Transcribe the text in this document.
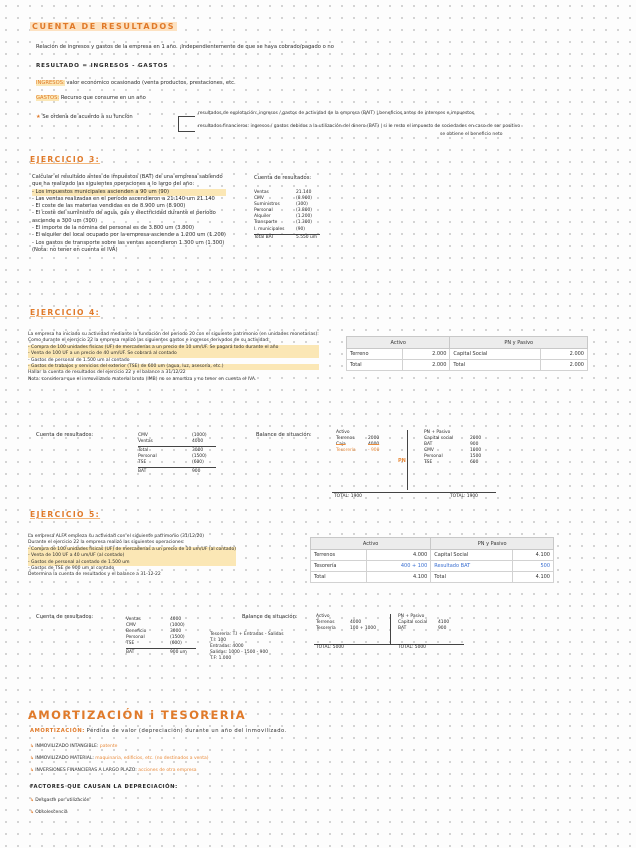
CUENTA DE RESULTADOS
Relación de ingresos y gastos de la empresa en 1 año. ¡Independientemente de que se haya cobrado/pagado o no
RESULTADO = INGRESOS - GASTOS
INGRESOS: valor económico ocasionado (venta productos, prestaciones, etc.
GASTOS: Recurso que consume en un año
★ Se ordena de acuerdo a su función
resultados de explotación: ingresos / gastos de actividad de la empresa (BAIT) | beneficios antes de intereses e impuestos
resultados financieros: ingresos / gastos debidos a la utilización del dinero (BAT) | si le resto el impuesto de sociedades en caso de ser positivo
se obtiene el beneficio neto
EJERCICIO 3:
Calcular el resultado antes de impuestos (BAT) de una empresa sabiendo
que ha realizado las siguientes operaciones a lo largo del año:
- Los impuestos municipales ascienden a 90 um (90)
- Las ventas realizadas en el período ascendieron a 21.140 um 21.140
- El coste de las materias vendidas es de 8.900 um (8.900)
- El coste del suministro de agua, gas y electricidad durante el período
asciende a 300 um (300)
- El importe de la nómina del personal es de 3.800 um (3.800)
- El alquiler del local ocupado por la empresa asciende a 1.200 um (1.200)
- Los gastos de transporte sobre las ventas ascendieron 1.300 um (1.300)
(Nota: no tener en cuenta el IVA)
Cuenta de resultados:
Ventas	21.140
CMV	(8.900)
Suministros	(300)
Personal	(3.800)
Alquiler	(1.200)
Transporte	(1.300)
I. municipales	(90)
Total BAT	5.550 um
EJERCICIO 4:
La empresa ha iniciado su actividad mediante la fundación del periodo 20 con el siguiente patrimonio (en unidades monetarias):
Como durante el ejercicio 22 la empresa realizó las siguientes gastos e ingresos derivados de su actividad:
- Compra de 100 unidades físicas (UF) de mercaderías a un precio de 10 um/UF. Se pagará todo durante el año
- Venta de 100 UF a un precio de 40 um/UF. Se cobrará al contado
- Gastos de personal de 1.500 um al contado
- Gastos de trabajos y servicios del exterior (TSE) de 600 um (agua, luz, asesoría, etc.)
Hallar la cuenta de resultados del ejercicio 22 y el balance a 31/12/22
Nota: considerar que el inmovilizado material bruto (IMB) no se amortiza y no tener en cuenta el IVA.
Activo		PN y Pasivo	
Terreno	2.000	Capital Social	2.000
Total	2.000	Total	2.000
Cuenta de resultados:	CMV	(1000)
Ventas	4000
Total	3000
Personal	(1500)
TSE	(600)
BAT	900
Balance de situación:	Activo
Terrenos	2000
Caja	4000
Tesorería	- 900
PN
PN + Pasivo
Capital social	2000
BAT	900
CMV	1000
Personal	1500
TSE	600
TOTAL: 1900	TOTAL: 1900
EJERCICIO 5:
La empresa ALFA empieza su actividad con el siguiente patrimonio (31/12/20)
Durante el ejercicio 22 la empresa realizó las siguientes operaciones:
- Compra de 100 unidades físicas (UF) de mercaderías a un precio de 10 um/UF (al contado)
- Venta de 100 UF a 40 um/UF (al contado)
- Gastos de personal al contado de 1.500 um
- Gastos de TSE de 900 um al contado
Determina la cuenta de resultados y el balance a 31-12-22
Activo		PN y Pasivo	
Terrenos	4.000	Capital Social	4.100
Tesorería	400 + 100	Resultado BAT	500
Total	4.100	Total	4.100
Cuenta de resultados:	Ventas	4000
CMV	(1000)
Beneficio	3000
Personal	(1500)
TSE	(600)
BAT	900 um
Balance de situación:
Tesorería: T.I + Entradas - Salidas
T.I: 100
Entradas: 4000
Salidas: 1000 - 1500 - 900
T.F: 1.000
Activo
Terrenos	4000
Tesorería	100 + 1000
PN + Pasivo
Capital social	4100
BAT	900
TOTAL: 5000	TOTAL: 5000
AMORTIZACIÓN i TESORERIA
AMORTIZACIÓN: Pérdida de valor (depreciación) durante un año del inmovilizado.
↳ INMOVILIZADO INTANGIBLE: patente
↳ INMOVILIZADO MATERIAL: maquinaria, edificios, etc. (no destinados a venta)
↳ INVERSIONES FINANCIERAS A LARGO PLAZO: acciones de otra empresa
FACTORES QUE CAUSAN LA DEPRECIACIÓN:
↳ Desgaste por utilización
↳ Obsolescencia
